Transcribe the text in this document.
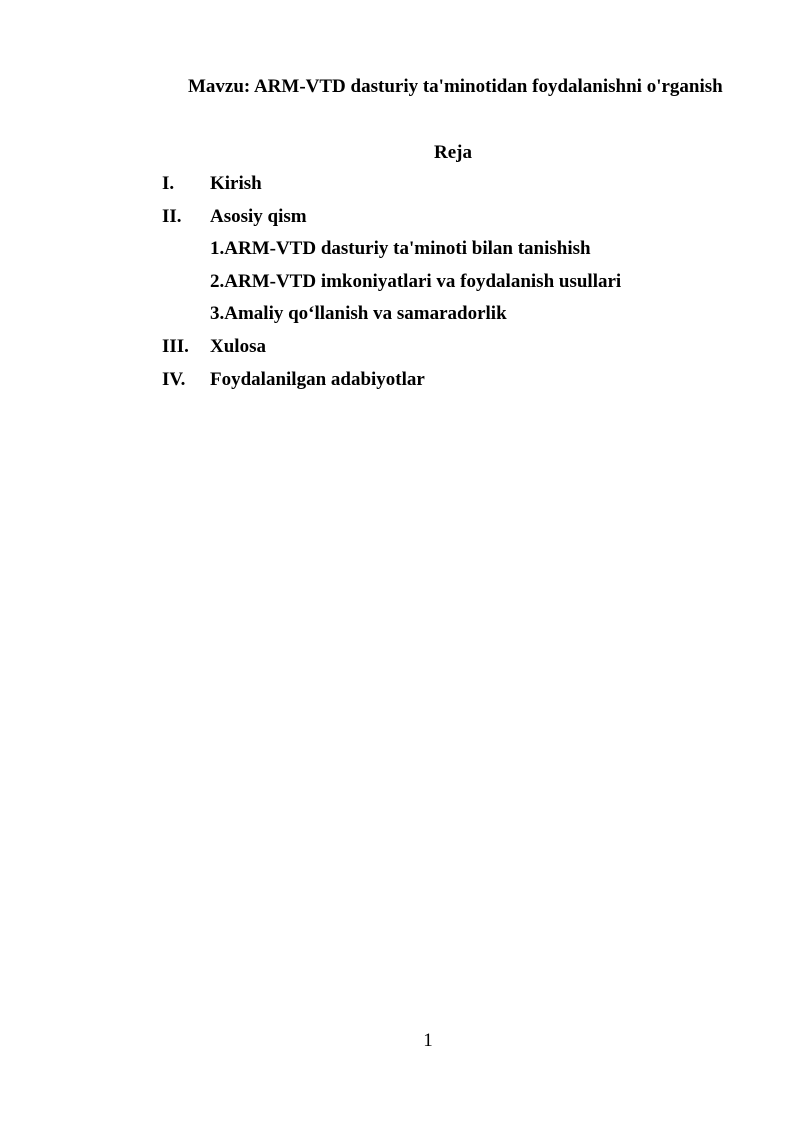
Mavzu: ARM-VTD dasturiy ta'minotidan foydalanishni o'rganish
Reja
I. Kirish
II. Asosiy qism
1.ARM-VTD dasturiy ta'minoti bilan tanishish
2.ARM-VTD imkoniyatlari va foydalanish usullari
3.Amaliy qo‘llanish va samaradorlik
III. Xulosa
IV. Foydalanilgan adabiyotlar
1
